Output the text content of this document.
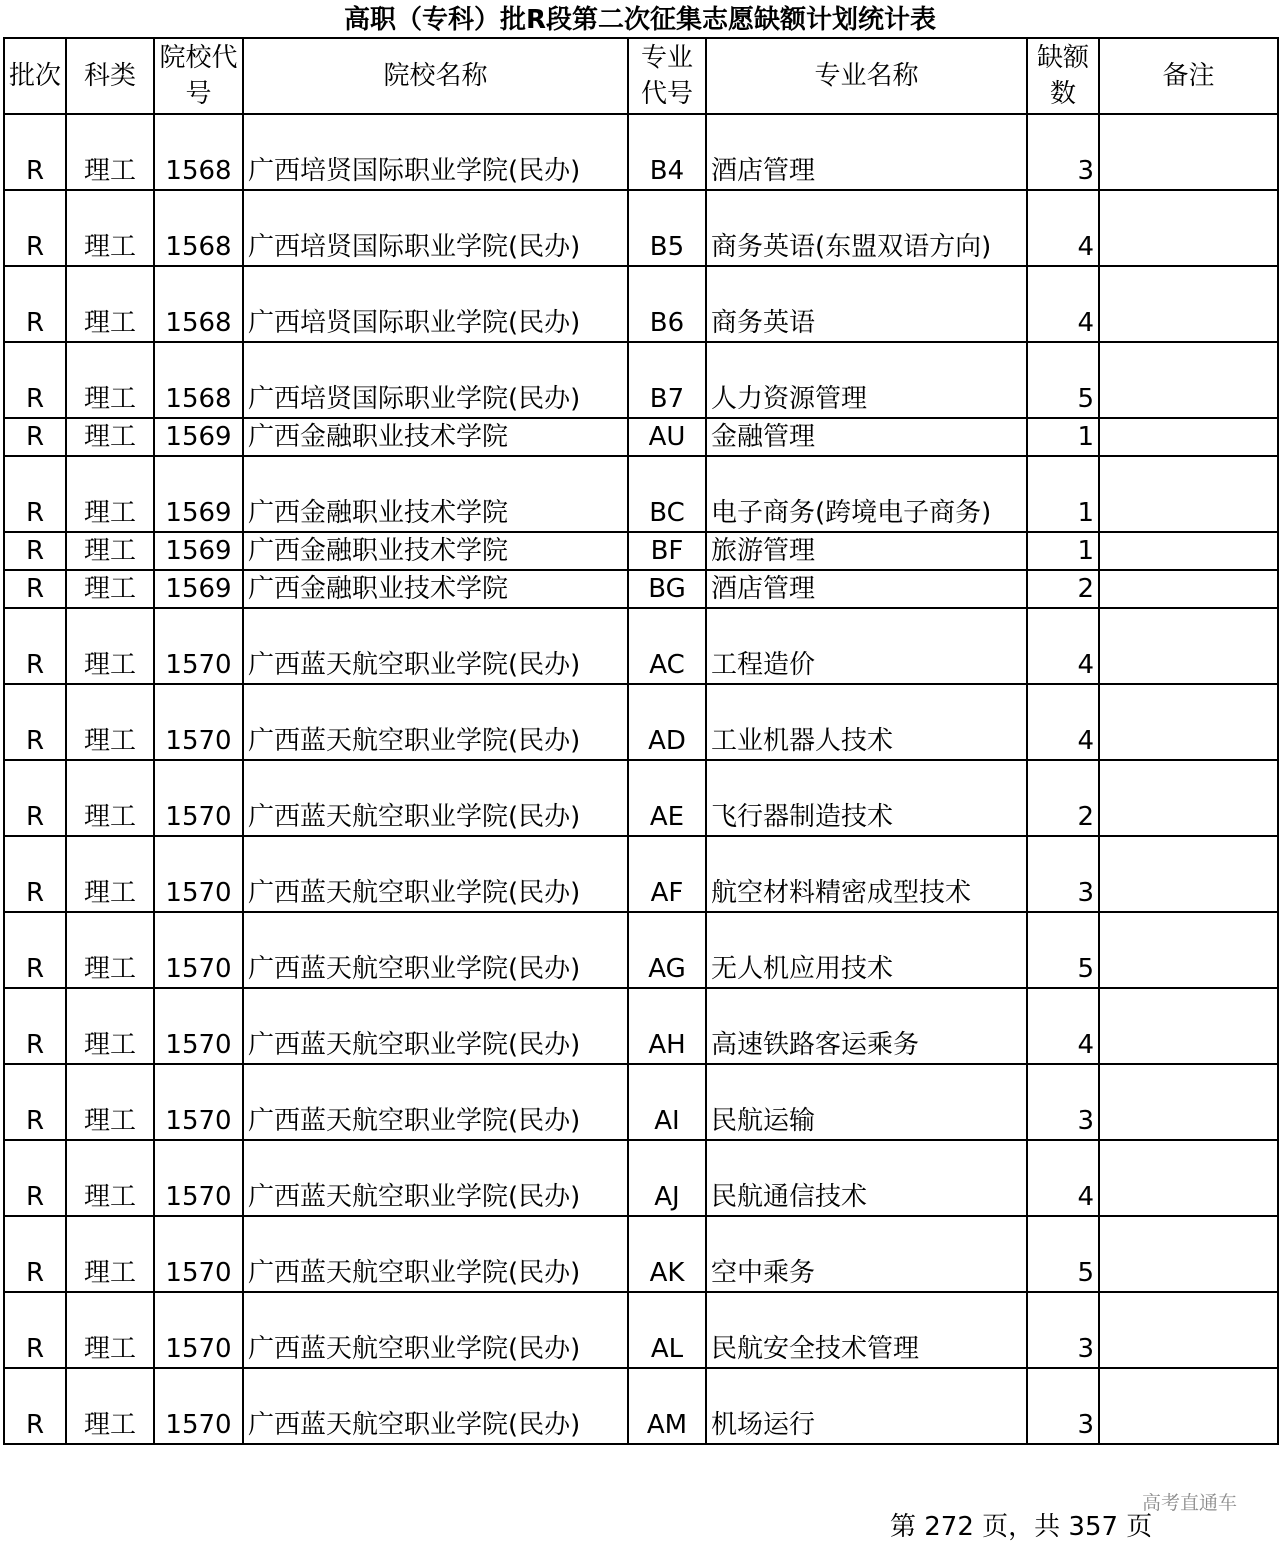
高职（专科）批R段第二次征集志愿缺额计划统计表
批次	科类	院校代号	院校名称	专业代号	专业名称	缺额数	备注
R	理工	1568	广西培贤国际职业学院(民办)	B4	酒店管理	3	
R	理工	1568	广西培贤国际职业学院(民办)	B5	商务英语(东盟双语方向)	4	
R	理工	1568	广西培贤国际职业学院(民办)	B6	商务英语	4	
R	理工	1568	广西培贤国际职业学院(民办)	B7	人力资源管理	5	
R	理工	1569	广西金融职业技术学院	AU	金融管理	1	
R	理工	1569	广西金融职业技术学院	BC	电子商务(跨境电子商务)	1	
R	理工	1569	广西金融职业技术学院	BF	旅游管理	1	
R	理工	1569	广西金融职业技术学院	BG	酒店管理	2	
R	理工	1570	广西蓝天航空职业学院(民办)	AC	工程造价	4	
R	理工	1570	广西蓝天航空职业学院(民办)	AD	工业机器人技术	4	
R	理工	1570	广西蓝天航空职业学院(民办)	AE	飞行器制造技术	2	
R	理工	1570	广西蓝天航空职业学院(民办)	AF	航空材料精密成型技术	3	
R	理工	1570	广西蓝天航空职业学院(民办)	AG	无人机应用技术	5	
R	理工	1570	广西蓝天航空职业学院(民办)	AH	高速铁路客运乘务	4	
R	理工	1570	广西蓝天航空职业学院(民办)	AI	民航运输	3	
R	理工	1570	广西蓝天航空职业学院(民办)	AJ	民航通信技术	4	
R	理工	1570	广西蓝天航空职业学院(民办)	AK	空中乘务	5	
R	理工	1570	广西蓝天航空职业学院(民办)	AL	民航安全技术管理	3	
R	理工	1570	广西蓝天航空职业学院(民办)	AM	机场运行	3	
高考直通车
第 272 页，共 357 页
